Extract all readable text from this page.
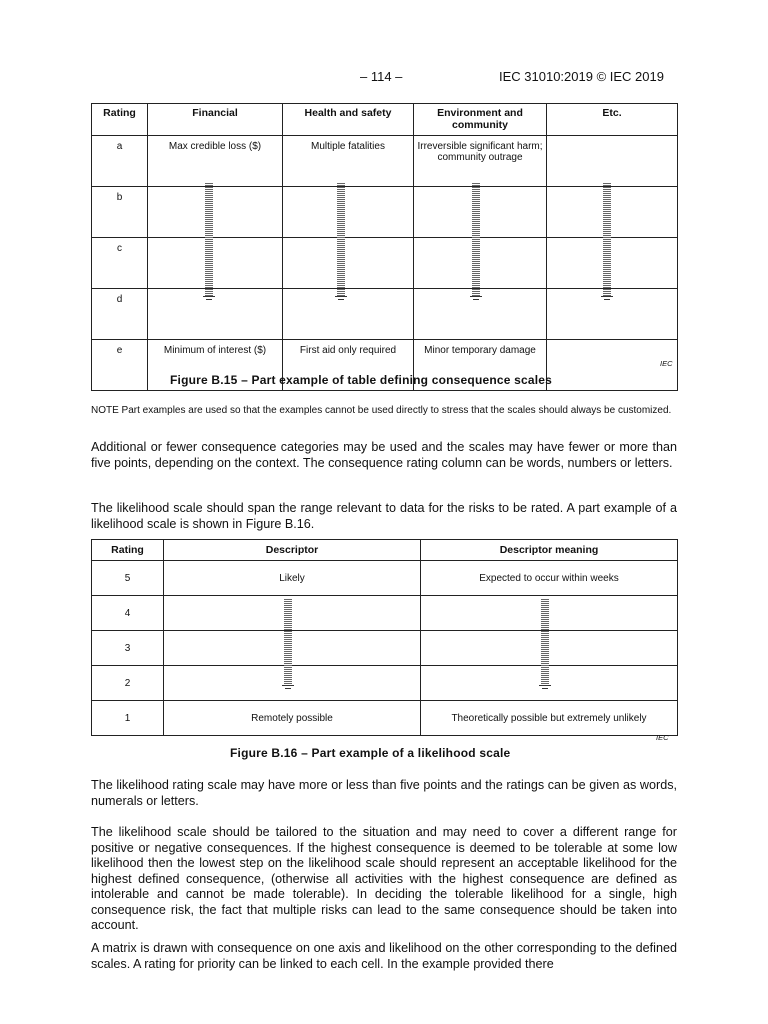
– 114 –	IEC 31010:2019 © IEC 2019
Rating	Financial	Health and safety	Environment and community	Etc.
a	Max credible loss ($)	Multiple fatalities	Irreversible significant harm; community outrage	
b				
c				
d				
e	Minimum of interest ($)	First aid only required	Minor temporary damage	
IEC
Figure B.15 – Part example of table defining consequence scales
NOTE Part examples are used so that the examples cannot be used directly to stress that the scales should always be customized.
Additional or fewer consequence categories may be used and the scales may have fewer or more than five points, depending on the context. The consequence rating column can be words, numbers or letters.
The likelihood scale should span the range relevant to data for the risks to be rated. A part example of a likelihood scale is shown in Figure B.16.
Rating	Descriptor	Descriptor meaning
5	Likely	Expected to occur within weeks
4		
3		
2		
1	Remotely possible	Theoretically possible but extremely unlikely
IEC
Figure B.16 – Part example of a likelihood scale
The likelihood rating scale may have more or less than five points and the ratings can be given as words, numerals or letters.
The likelihood scale should be tailored to the situation and may need to cover a different range for positive or negative consequences. If the highest consequence is deemed to be tolerable at some low likelihood then the lowest step on the likelihood scale should represent an acceptable likelihood for the highest defined consequence, (otherwise all activities with the highest consequence are defined as intolerable and cannot be made tolerable). In deciding the tolerable likelihood for a single, high consequence risk, the fact that multiple risks can lead to the same consequence should be taken into account.
A matrix is drawn with consequence on one axis and likelihood on the other corresponding to the defined scales. A rating for priority can be linked to each cell. In the example provided there
